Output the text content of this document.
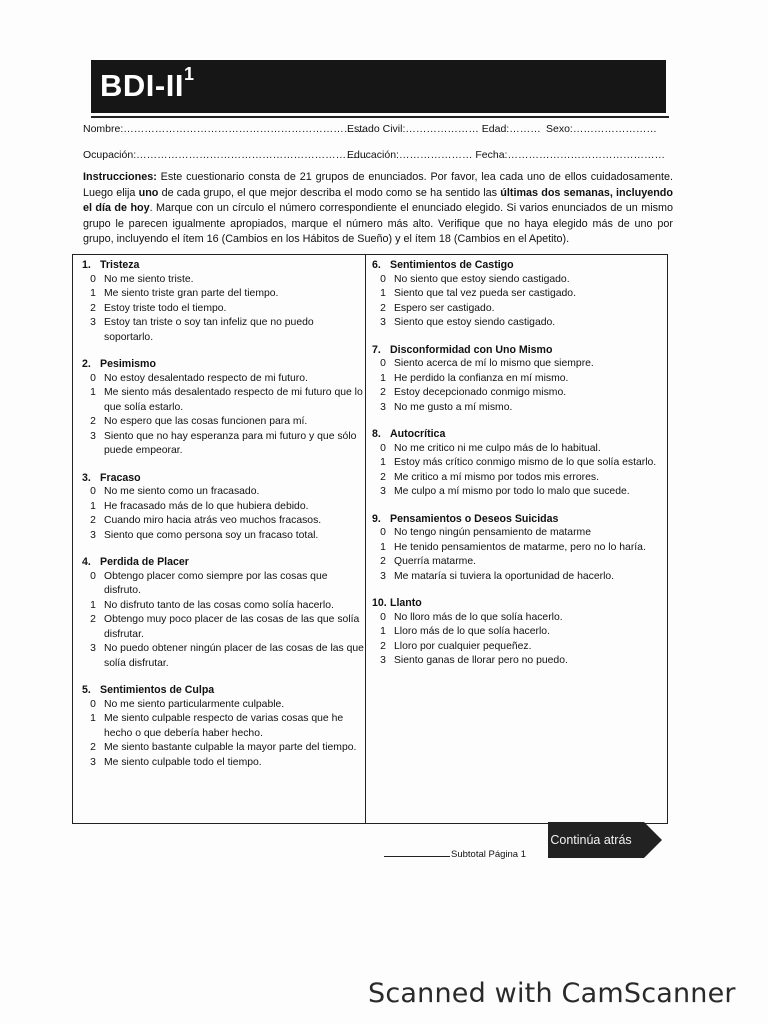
BDI-$II^1$
Nombre:……………………………………………………………
Estado Civil:………………… Edad:……… Sexo:……………………
Ocupación:…………………………………………………………
Educación:………………… Fecha:………………………………………
Instrucciones: Este cuestionario consta de 21 grupos de enunciados. Por favor, lea cada uno de ellos cuidadosamente. Luego elija uno de cada grupo, el que mejor describa el modo como se ha sentido las últimas dos semanas, incluyendo el día de hoy. Marque con un círculo el número correspondiente el enunciado elegido. Si varios enunciados de un mismo grupo le parecen igualmente apropiados, marque el número más alto. Verifique que no haya elegido más de uno por grupo, incluyendo el ítem 16 (Cambios en los Hábitos de Sueño) y el ítem 18 (Cambios en el Apetito).
1. Tristeza
0 No me siento triste.
1 Me siento triste gran parte del tiempo.
2 Estoy triste todo el tiempo.
3 Estoy tan triste o soy tan infeliz que no puedo soportarlo.
2. Pesimismo
0 No estoy desalentado respecto de mi futuro.
1 Me siento más desalentado respecto de mi futuro que lo que solía estarlo.
2 No espero que las cosas funcionen para mí.
3 Siento que no hay esperanza para mi futuro y que sólo puede empeorar.
3. Fracaso
0 No me siento como un fracasado.
1 He fracasado más de lo que hubiera debido.
2 Cuando miro hacia atrás veo muchos fracasos.
3 Siento que como persona soy un fracaso total.
4. Perdida de Placer
0 Obtengo placer como siempre por las cosas que disfruto.
1 No disfruto tanto de las cosas como solía hacerlo.
2 Obtengo muy poco placer de las cosas de las que solía disfrutar.
3 No puedo obtener ningún placer de las cosas de las que solía disfrutar.
5. Sentimientos de Culpa
0 No me siento particularmente culpable.
1 Me siento culpable respecto de varias cosas que he hecho o que debería haber hecho.
2 Me siento bastante culpable la mayor parte del tiempo.
3 Me siento culpable todo el tiempo.
6. Sentimientos de Castigo
0 No siento que estoy siendo castigado.
1 Siento que tal vez pueda ser castigado.
2 Espero ser castigado.
3 Siento que estoy siendo castigado.
7. Disconformidad con Uno Mismo
0 Siento acerca de mí lo mismo que siempre.
1 He perdido la confianza en mí mismo.
2 Estoy decepcionado conmigo mismo.
3 No me gusto a mí mismo.
8. Autocrítica
0 No me critico ni me culpo más de lo habitual.
1 Estoy más crítico conmigo mismo de lo que solía estarlo.
2 Me critico a mí mismo por todos mis errores.
3 Me culpo a mí mismo por todo lo malo que sucede.
9. Pensamientos o Deseos Suicidas
0 No tengo ningún pensamiento de matarme
1 He tenido pensamientos de matarme, pero no lo haría.
2 Querría matarme.
3 Me mataría si tuviera la oportunidad de hacerlo.
10. Llanto
0 No lloro más de lo que solía hacerlo.
1 Lloro más de lo que solía hacerlo.
2 Lloro por cualquier pequeñez.
3 Siento ganas de llorar pero no puedo.
Continúa atrás
Subtotal Página 1
Scanned with CamScanner
